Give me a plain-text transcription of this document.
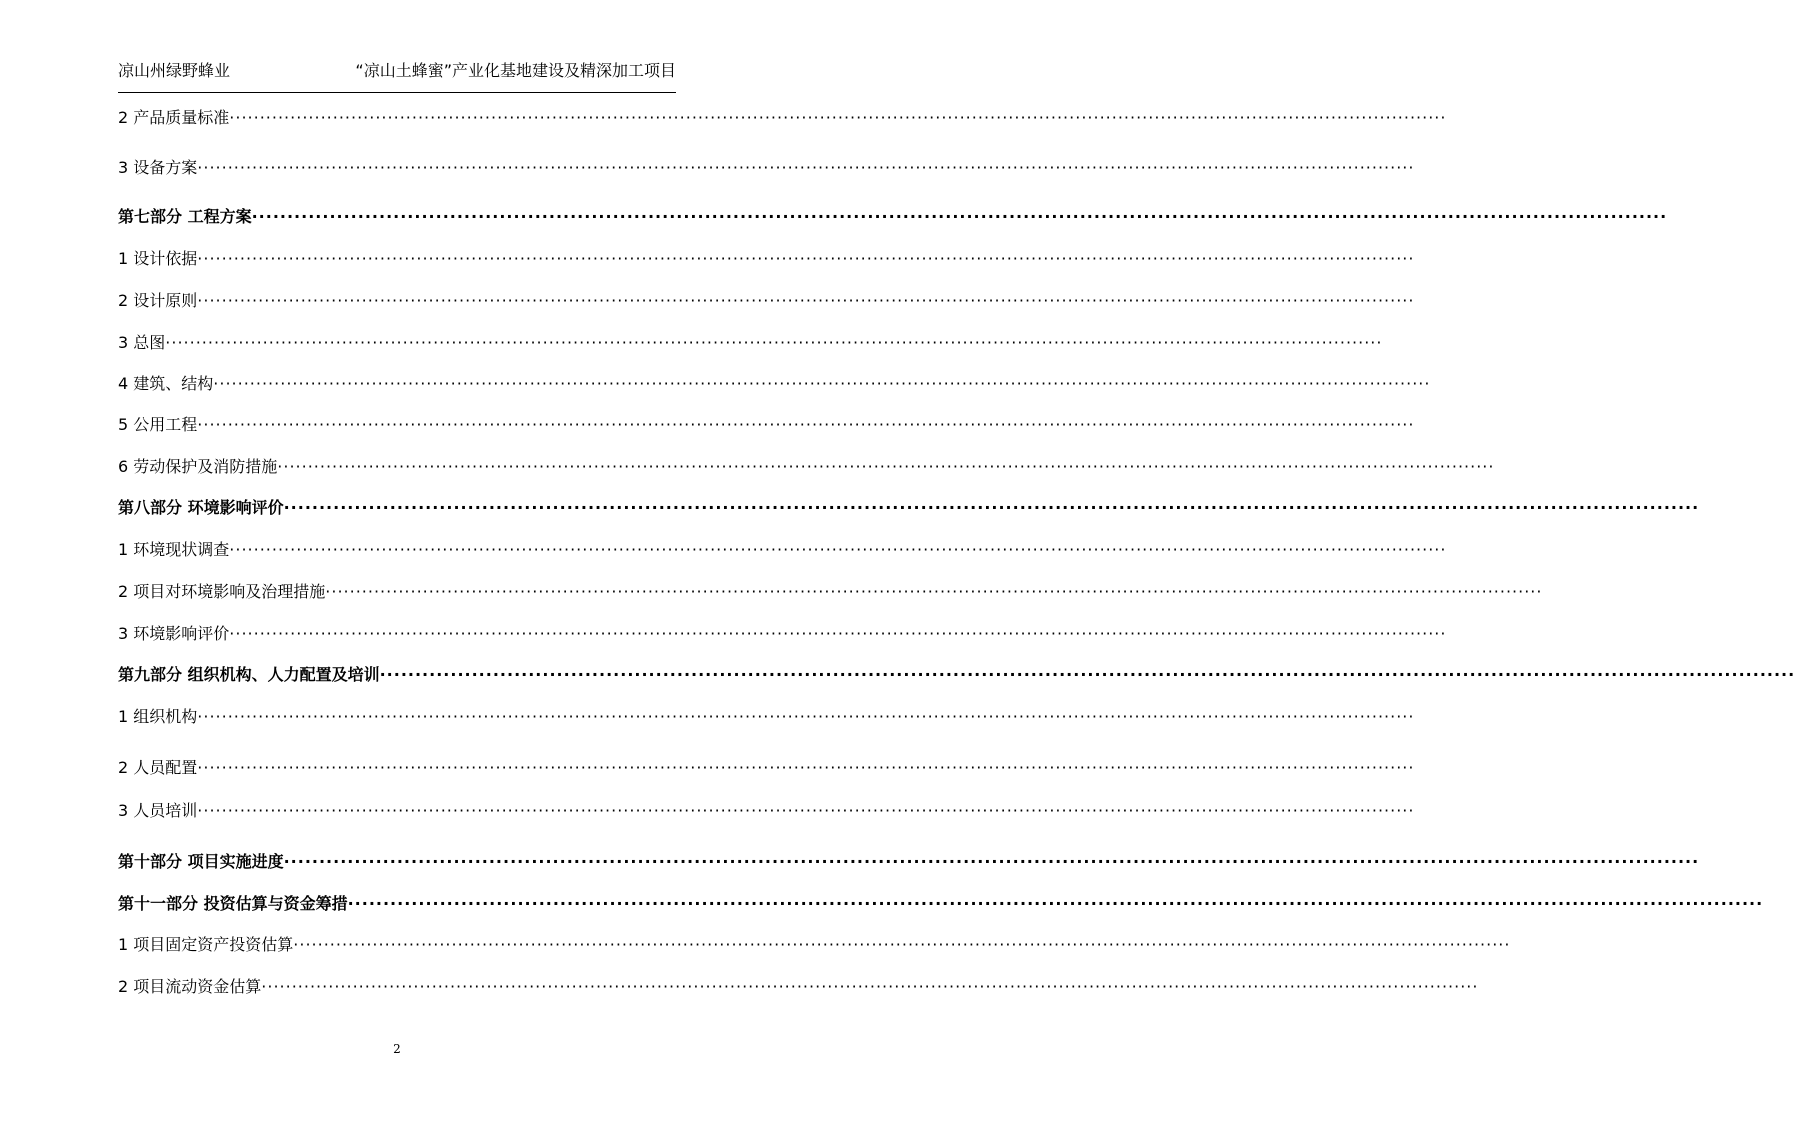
凉山州绿野蜂业	“凉山土蜂蜜”产业化基地建设及精深加工项目
2 产品质量标准········································································································································································································
3 设备方案········································································································································································································
第七部分 工程方案········································································································································································································
1 设计依据········································································································································································································
2 设计原则········································································································································································································
3 总图········································································································································································································
4 建筑、结构········································································································································································································
5 公用工程········································································································································································································
6 劳动保护及消防措施········································································································································································································
第八部分 环境影响评价········································································································································································································
1 环境现状调查········································································································································································································
2 项目对环境影响及治理措施········································································································································································································
3 环境影响评价········································································································································································································
第九部分 组织机构、人力配置及培训········································································································································································································
1 组织机构········································································································································································································
2 人员配置········································································································································································································
3 人员培训········································································································································································································
第十部分 项目实施进度········································································································································································································
第十一部分 投资估算与资金筹措········································································································································································································
1 项目固定资产投资估算········································································································································································································
2 项目流动资金估算········································································································································································································
2
